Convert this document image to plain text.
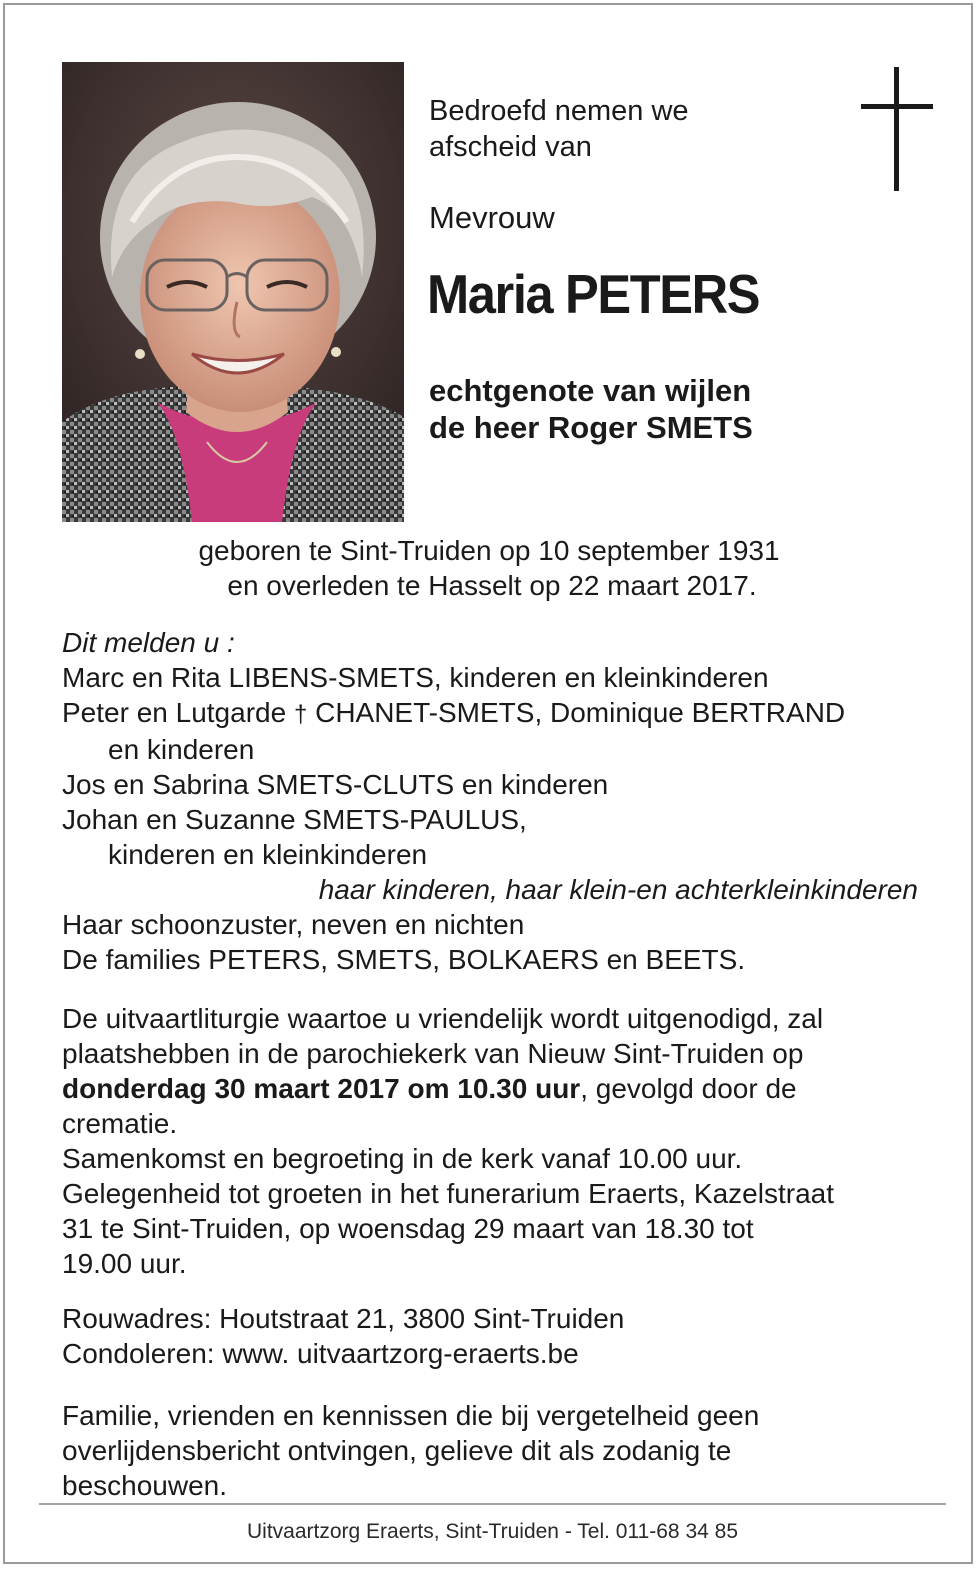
Bedroefd nemen we
afscheid van
Mevrouw
Maria PETERS
echtgenote van wijlen
de heer Roger SMETS
geboren te Sint-Truiden op 10 september 1931
en overleden te Hasselt op 22 maart 2017.
Dit melden u :
Marc en Rita LIBENS-SMETS, kinderen en kleinkinderen
Peter en Lutgarde † CHANET-SMETS, Dominique BERTRAND
en kinderen
Jos en Sabrina SMETS-CLUTS en kinderen
Johan en Suzanne SMETS-PAULUS,
kinderen en kleinkinderen
haar kinderen, haar klein-en achterkleinkinderen
Haar schoonzuster, neven en nichten
De families PETERS, SMETS, BOLKAERS en BEETS.
De uitvaartliturgie waartoe u vriendelijk wordt uitgenodigd, zal
plaatshebben in de parochiekerk van Nieuw Sint-Truiden op
donderdag 30 maart 2017 om 10.30 uur, gevolgd door de
crematie.
Samenkomst en begroeting in de kerk vanaf 10.00 uur.
Gelegenheid tot groeten in het funerarium Eraerts, Kazelstraat
31 te Sint-Truiden, op woensdag 29 maart van 18.30 tot
19.00 uur.
Rouwadres: Houtstraat 21, 3800 Sint-Truiden
Condoleren: www. uitvaartzorg-eraerts.be
Familie, vrienden en kennissen die bij vergetelheid geen
overlijdensbericht ontvingen, gelieve dit als zodanig te
beschouwen.
Uitvaartzorg Eraerts, Sint-Truiden - Tel. 011-68 34 85
